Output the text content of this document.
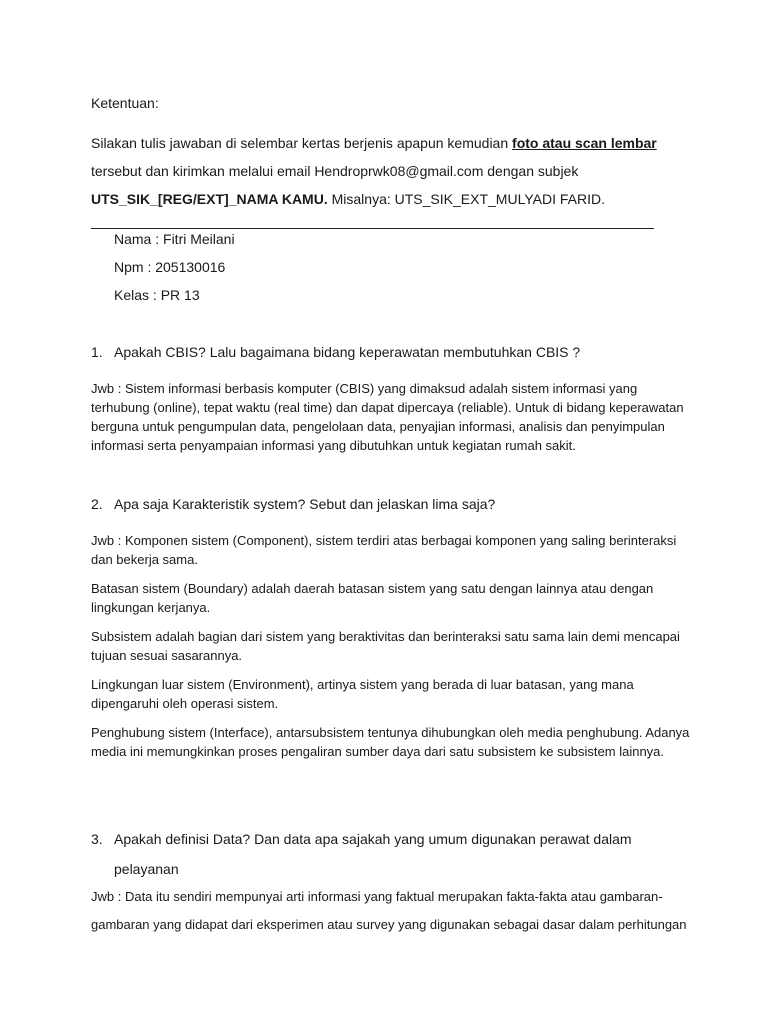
Ketentuan:
Silakan tulis jawaban di selembar kertas berjenis apapun kemudian foto atau scan lembar
tersebut dan kirimkan melalui email Hendroprwk08@gmail.com dengan subjek
UTS_SIK_[REG/EXT]_NAMA KAMU. Misalnya: UTS_SIK_EXT_MULYADI FARID.
Nama : Fitri Meilani
Npm : 205130016
Kelas : PR 13
1. Apakah CBIS? Lalu bagaimana bidang keperawatan membutuhkan CBIS ?
Jwb : Sistem informasi berbasis komputer (CBIS) yang dimaksud adalah sistem informasi yang terhubung (online), tepat waktu (real time) dan dapat dipercaya (reliable). Untuk di bidang keperawatan berguna untuk pengumpulan data, pengelolaan data, penyajian informasi, analisis dan penyimpulan informasi serta penyampaian informasi yang dibutuhkan untuk kegiatan rumah sakit.
2. Apa saja Karakteristik system? Sebut dan jelaskan lima saja?
Jwb : Komponen sistem (Component), sistem terdiri atas berbagai komponen yang saling berinteraksi dan bekerja sama.
Batasan sistem (Boundary) adalah daerah batasan sistem yang satu dengan lainnya atau dengan lingkungan kerjanya.
Subsistem adalah bagian dari sistem yang beraktivitas dan berinteraksi satu sama lain demi mencapai tujuan sesuai sasarannya.
Lingkungan luar sistem (Environment), artinya sistem yang berada di luar batasan, yang mana dipengaruhi oleh operasi sistem.
Penghubung sistem (Interface), antarsubsistem tentunya dihubungkan oleh media penghubung. Adanya media ini memungkinkan proses pengaliran sumber daya dari satu subsistem ke subsistem lainnya.
3. Apakah definisi Data? Dan data apa sajakah yang umum digunakan perawat dalam
pelayanan
Jwb : Data itu sendiri mempunyai arti informasi yang faktual merupakan fakta-fakta atau gambaran-
gambaran yang didapat dari eksperimen atau survey yang digunakan sebagai dasar dalam perhitungan
